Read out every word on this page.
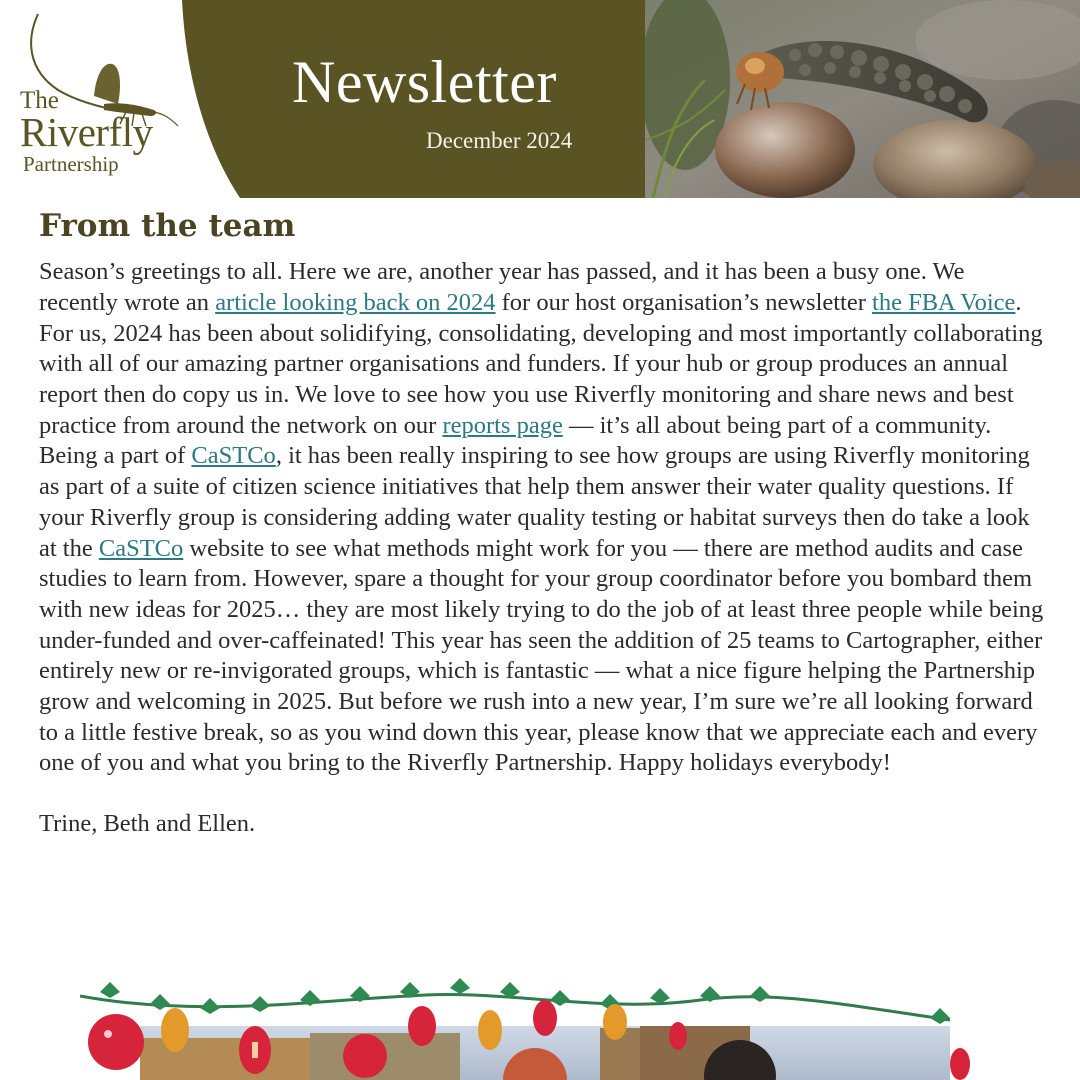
The
Riverfly
Partnership
Newsletter
December 2024
From the team

Season’s greetings to all. Here we are, another year has passed, and it has been a busy one. We recently wrote an article looking back on 2024 for our host organisation’s newsletter the FBA Voice. For us, 2024 has been about solidifying, consolidating, developing and most importantly collaborating with all of our amazing partner organisations and funders. If your hub or group produces an annual report then do copy us in. We love to see how you use Riverfly monitoring and share news and best practice from around the network on our reports page — it’s all about being part of a community. Being a part of CaSTCo, it has been really inspiring to see how groups are using Riverfly monitoring as part of a suite of citizen science initiatives that help them answer their water quality questions. If your Riverfly group is considering adding water quality testing or habitat surveys then do take a look at the CaSTCo website to see what methods might work for you — there are method audits and case studies to learn from. However, spare a thought for your group coordinator before you bombard them with new ideas for 2025… they are most likely trying to do the job of at least three people while being under-funded and over-caffeinated! This year has seen the addition of 25 teams to Cartographer, either entirely new or re-invigorated groups, which is fantastic — what a nice figure helping the Partnership grow and welcoming in 2025. But before we rush into a new year, I’m sure we’re all looking forward to a little festive break, so as you wind down this year, please know that we appreciate each and every one of you and what you bring to the Riverfly Partnership. Happy holidays everybody!

Trine, Beth and Ellen.
